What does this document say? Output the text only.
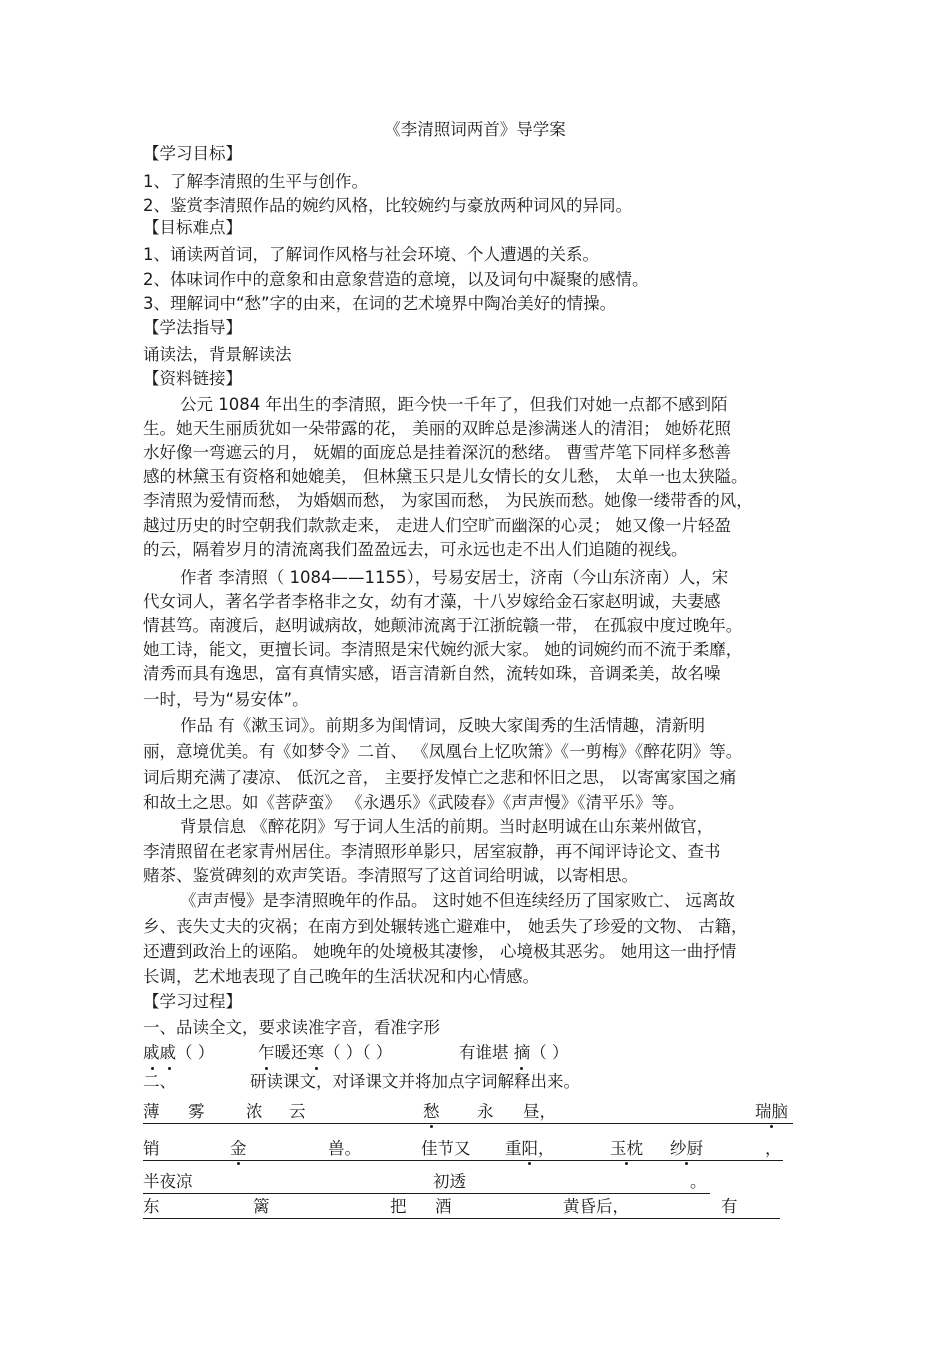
《李清照词两首》导学案
【学习目标】
1、了解李清照的生平与创作。
2、鉴赏李清照作品的婉约风格，比较婉约与豪放两种词风的异同。
【目标难点】
1、诵读两首词，了解词作风格与社会环境、个人遭遇的关系。
2、体味词作中的意象和由意象营造的意境，以及词句中凝聚的感情。
3、理解词中“愁”字的由来，在词的艺术境界中陶冶美好的情操。
【学法指导】
诵读法，背景解读法
【资料链接】
公元 1084 年出生的李清照，距今快一千年了，但我们对她一点都不感到陌
生。她天生丽质犹如一朵带露的花， 美丽的双眸总是渗满迷人的清泪； 她娇花照
水好像一弯遮云的月， 妩媚的面庞总是挂着深沉的愁绪。 曹雪芹笔下同样多愁善
感的林黛玉有资格和她媲美， 但林黛玉只是儿女情长的女儿愁， 太单一也太狭隘。
李清照为爱情而愁， 为婚姻而愁， 为家国而愁， 为民族而愁。她像一缕带香的风，
越过历史的时空朝我们款款走来， 走进人们空旷而幽深的心灵； 她又像一片轻盈
的云，隔着岁月的清流离我们盈盈远去，可永远也走不出人们追随的视线。
作者 李清照（ 1084——1155），号易安居士，济南（今山东济南）人，宋
代女词人，著名学者李格非之女，幼有才藻，十八岁嫁给金石家赵明诚，夫妻感
情甚笃。南渡后，赵明诚病故，她颠沛流离于江浙皖赣一带， 在孤寂中度过晚年。
她工诗，能文，更擅长词。李清照是宋代婉约派大家。 她的词婉约而不流于柔靡，
清秀而具有逸思，富有真情实感，语言清新自然，流转如珠，音调柔美，故名噪
一时，号为“易安体”。
作品 有《漱玉词》。前期多为闺情词，反映大家闺秀的生活情趣，清新明
丽，意境优美。有《如梦令》二首、 《凤凰台上忆吹箫》《一剪梅》《醉花阴》等。
词后期充满了凄凉、 低沉之音， 主要抒发悼亡之悲和怀旧之思， 以寄寓家国之痛
和故土之思。如《菩萨蛮》 《永遇乐》《武陵春》《声声慢》《清平乐》等。
背景信息 《醉花阴》写于词人生活的前期。当时赵明诚在山东莱州做官，
李清照留在老家青州居住。李清照形单影只，居室寂静，再不闻评诗论文、查书
赌茶、鉴赏碑刻的欢声笑语。李清照写了这首词给明诚，以寄相思。
《声声慢》是李清照晚年的作品。 这时她不但连续经历了国家败亡、 远离故
乡、丧失丈夫的灾祸；在南方到处辗转逃亡避难中， 她丢失了珍爱的文物、 古籍，
还遭到政治上的诬陷。 她晚年的处境极其凄惨， 心境极其恶劣。 她用这一曲抒情
长调，艺术地表现了自己晚年的生活状况和内心情感。
【学习过程】
一、品读全文，要求读准字音，看准字形
戚戚（ ）	乍暖还寒（ ）（ ）	有谁堪 摘（ ）
二、	研读课文，对译课文并将加点字词解释出来。
薄 雾	浓 云	愁 永 昼，	瑞脑
销	金	兽。	佳节又 重阳，	玉枕 纱厨	，
半夜凉	初透	。
东	篱	把 酒	黄昏后，	有
